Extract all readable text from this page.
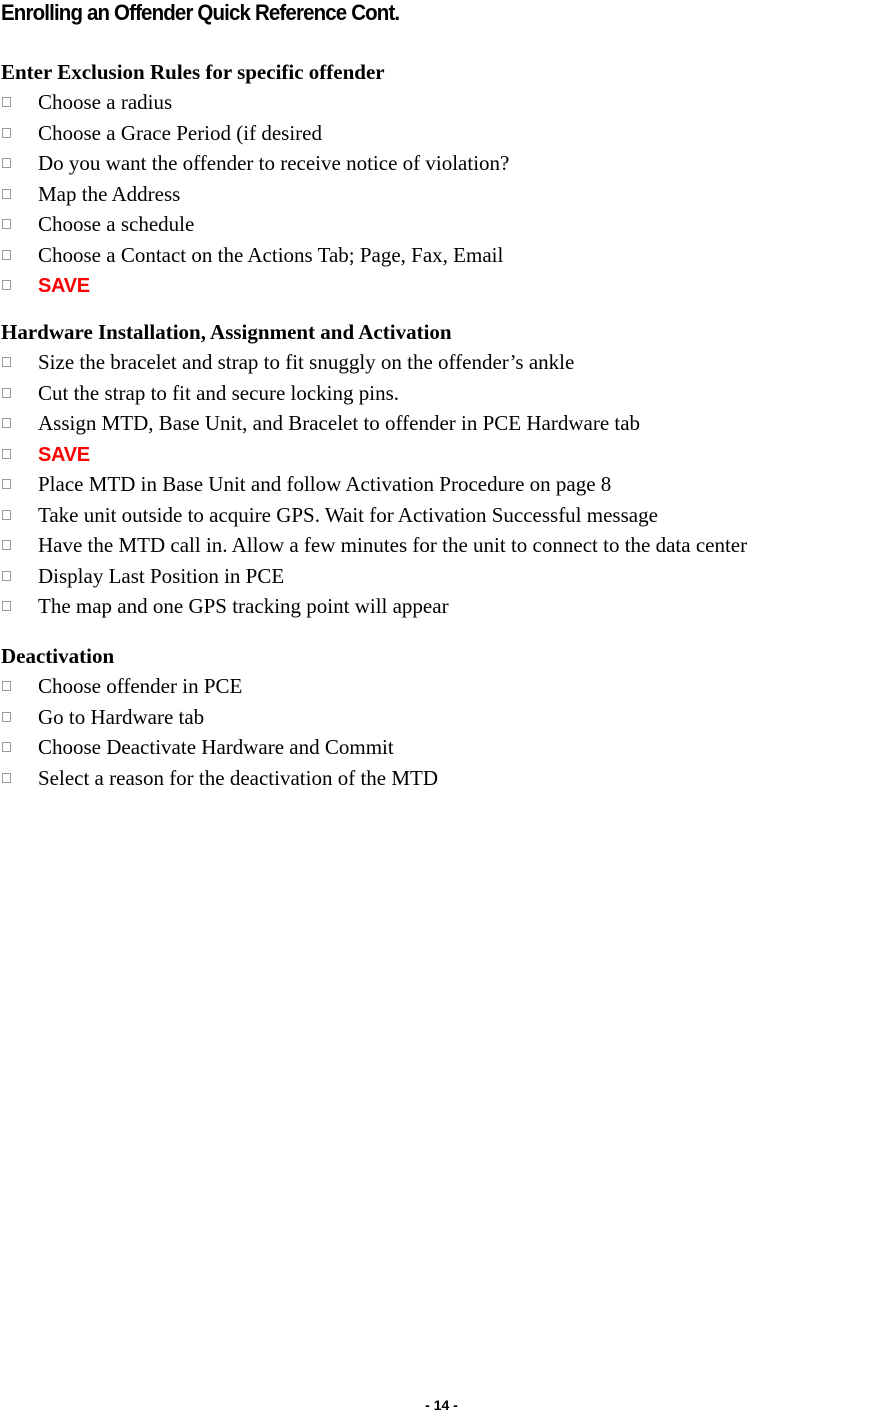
Enrolling an Offender Quick Reference Cont.
Enter Exclusion Rules for specific offender
Choose a radius
Choose a Grace Period (if desired
Do you want the offender to receive notice of violation?
Map the Address
Choose a schedule
Choose a Contact on the Actions Tab; Page, Fax, Email
SAVE
Hardware Installation, Assignment and Activation
Size the bracelet and strap to fit snuggly on the offender’s ankle
Cut the strap to fit and secure locking pins.
Assign MTD, Base Unit, and Bracelet to offender in PCE Hardware tab
SAVE
Place MTD in Base Unit and follow Activation Procedure on page 8
Take unit outside to acquire GPS. Wait for Activation Successful message
Have the MTD call in. Allow a few minutes for the unit to connect to the data center
Display Last Position in PCE
The map and one GPS tracking point will appear
Deactivation
Choose offender in PCE
Go to Hardware tab
Choose Deactivate Hardware and Commit
Select a reason for the deactivation of the MTD
- 14 -
